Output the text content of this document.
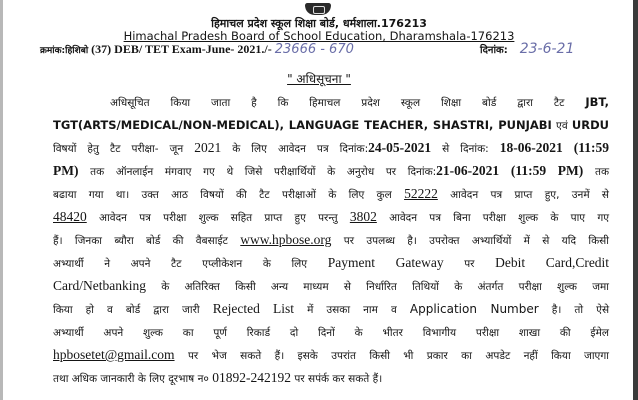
हिमाचल प्रदेश स्कूल शिक्षा बोर्ड, धर्मशाला.176213
Himachal Pradesh Board of School Education, Dharamshala-176213
क्रमांक:हिशिबो (37) DEB/ TET Exam-June- 2021./- 23666 - 670	दिनांक: 23-6-21
" अधिसूचना "
अधिसूचित किया जाता है कि हिमाचल प्रदेश स्कूल शिक्षा बोर्ड द्वारा टैट JBT,
TGT(ARTS/MEDICAL/NON-MEDICAL), LANGUAGE TEACHER, SHASTRI, PUNJABI एवं URDU
विषयों हेतु टैट परीक्षा- जून 2021 के लिए आवेदन पत्र दिनांक:24-05-2021 से दिनांक: 18-06-2021 (11:59
PM) तक ऑनलाईन मंगवाए गए थे जिसे परीक्षार्थियों के अनुरोध पर दिनांक:21-06-2021 (11:59 PM) तक
बढाया गया था। उक्त आठ विषयों की टैट परीक्षाओं के लिए कुल 52222 आवेदन पत्र प्राप्त हुए, उनमें से
48420 आवेदन पत्र परीक्षा शुल्क सहित प्राप्त हुए परन्तु 3802 आवेदन पत्र बिना परीक्षा शुल्क के पाए गए
हैं। जिनका ब्यौरा बोर्ड की वैबसाईट www.hpbose.org पर उपलब्ध है। उपरोक्त अभ्यार्थियों में से यदि किसी
अभ्यार्थी ने अपने टैट एप्लीकेशन के लिए Payment Gateway पर Debit Card,Credit
Card/Netbanking के अतिरिक्त किसी अन्य माध्यम से निर्धारित तिथियों के अंतर्गत परीक्षा शुल्क जमा
किया हो व बोर्ड द्वारा जारी Rejected List में उसका नाम व Application Number है। तो ऐसे
अभ्यार्थी अपने शुल्क का पूर्ण रिकार्ड दो दिनों के भीतर विभागीय परीक्षा शाखा की ईमेल
hpbosetet@gmail.com पर भेज सकते हैं। इसके उपरांत किसी भी प्रकार का अपडेट नहीं किया जाएगा
तथा अधिक जानकारी के लिए दूरभाष न० 01892-242192 पर सपंर्क कर सकते हैं।
